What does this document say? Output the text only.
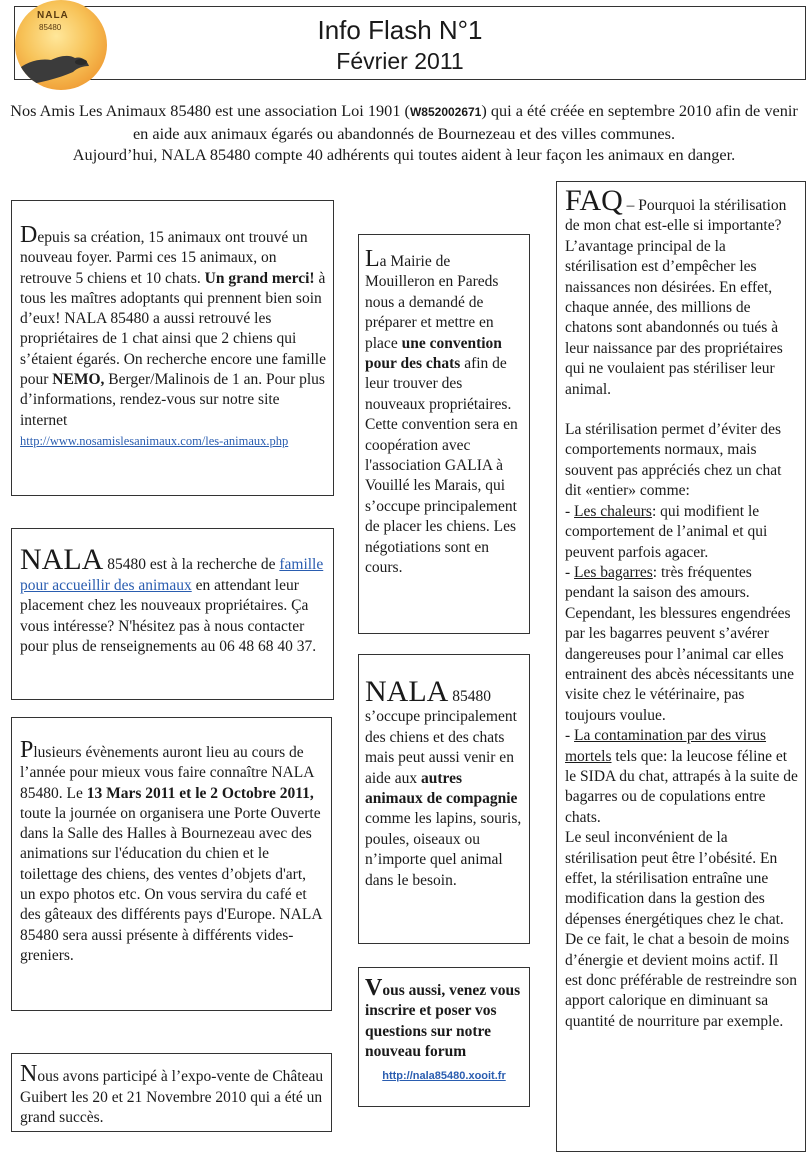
NALA
85480	Info Flash N°1
Février 2011
Nos Amis Les Animaux 85480 est une association Loi 1901 (W852002671) qui a été créée en septembre 2010 afin de venir en aide aux animaux égarés ou abandonnés de Bournezeau et des villes communes.
Aujourd’hui, NALA 85480 compte 40 adhérents qui toutes aident à leur façon les animaux en danger.
Depuis sa création, 15 animaux ont trouvé un nouveau foyer. Parmi ces 15 animaux, on retrouve 5 chiens et 10 chats. Un grand merci! à tous les maîtres adoptants qui prennent bien soin d’eux! NALA 85480 a aussi retrouvé les propriétaires de 1 chat ainsi que 2 chiens qui s’étaient égarés. On recherche encore une famille pour NEMO, Berger/Malinois de 1 an. Pour plus d’informations, rendez-vous sur notre site internet
http://www.nosamislesanimaux.com/les-animaux.php
NALA 85480 est à la recherche de famille pour accueillir des animaux en attendant leur placement chez les nouveaux propriétaires. Ça vous intéresse? N'hésitez pas à nous contacter pour plus de renseignements au 06 48 68 40 37.
Plusieurs évènements auront lieu au cours de l’année pour mieux vous faire connaître NALA 85480. Le 13 Mars 2011 et le 2 Octobre 2011, toute la journée on organisera une Porte Ouverte dans la Salle des Halles à Bournezeau avec des animations sur l'éducation du chien et le toilettage des chiens, des ventes d’objets d'art, un expo photos etc. On vous servira du café et des gâteaux des différents pays d'Europe. NALA 85480 sera aussi présente à différents vides-greniers.
Nous avons participé à l’expo-vente de Château Guibert les 20 et 21 Novembre 2010 qui a été un grand succès.
La Mairie de Mouilleron en Pareds nous a demandé de préparer et mettre en place une convention pour des chats afin de leur trouver des nouveaux propriétaires. Cette convention sera en coopération avec l'association GALIA à Vouillé les Marais, qui s’occupe principalement de placer les chiens. Les négotiations sont en cours.
NALA 85480 s’occupe principalement des chiens et des chats mais peut aussi venir en aide aux autres animaux de compagnie comme les lapins, souris, poules, oiseaux ou n’importe quel animal dans le besoin.
Vous aussi, venez vous inscrire et poser vos questions sur notre nouveau forum

http://nala85480.xooit.fr

FAQ – Pourquoi la stérilisation de mon chat est-elle si importante?

L’avantage principal de la stérilisation est d’empêcher les naissances non désirées. En effet, chaque année, des millions de chatons sont abandonnés ou tués à leur naissance par des propriétaires qui ne voulaient pas stériliser leur animal.

La stérilisation permet d’éviter des comportements normaux, mais souvent pas appréciés chez un chat dit «entier» comme:

- Les chaleurs: qui modifient le comportement de l’animal et qui peuvent parfois agacer.

- Les bagarres: très fréquentes pendant la saison des amours. Cependant, les blessures engendrées par les bagarres peuvent s’avérer dangereuses pour l’animal car elles entrainent des abcès nécessitants une visite chez le vétérinaire, pas toujours voulue.

- La contamination par des virus mortels tels que: la leucose féline et le SIDA du chat, attrapés à la suite de bagarres ou de copulations entre chats.

Le seul inconvénient de la stérilisation peut être l’obésité. En effet, la stérilisation entraîne une modification dans la gestion des dépenses énergétiques chez le chat. De ce fait, le chat a besoin de moins d’énergie et devient moins actif. Il est donc préférable de restreindre son apport calorique en diminuant sa quantité de nourriture par exemple.
